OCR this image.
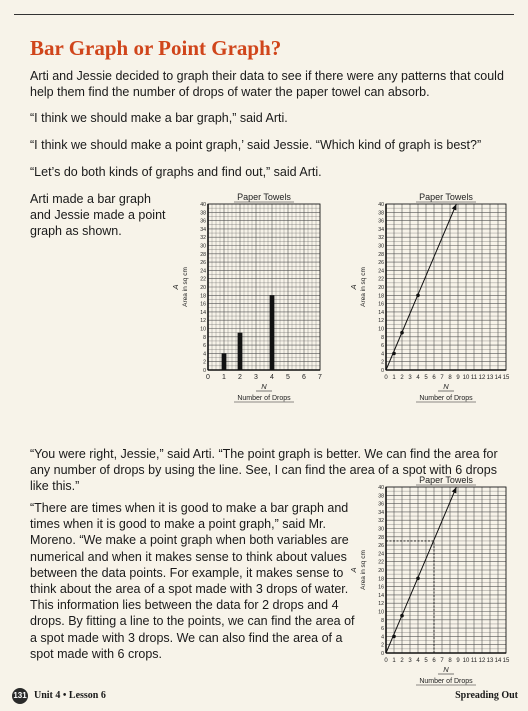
Bar Graph or Point Graph?

Arti and Jessie decided to graph their data to see if there were any patterns that could help them find the number of drops of water the paper towel can absorb.

“I think we should make a bar graph,” said Arti.

“I think we should make a point graph,’ said Jessie. “Which kind of graph is best?”

“Let’s do both kinds of graphs and find out,” said Arti.

Arti made a bar graph and Jessie made a point graph as shown.

Paper Towels
0
2
4
6
8
10
12
14
16
18
20
22
24
26
28
30
32
34
36
38
40
0 1 2 3 4 5 6 7
N
Number of Drops
A Area in sq cm
Paper Towels
0
2
4
6
8
10
12
14
16
18
20
22
24
26
28
30
32
34
36
38
40
0 1 2 3 4 5 6 7 8 9 10 11 12 13 14 15
N
Number of Drops
A Area in sq cm

“You were right, Jessie,” said Arti. “The point graph is better. We can find the area for any number of drops by using the line. See, I can find the area of a spot with 6 drops like this.”

“There are times when it is good to make a bar graph and times when it is good to make a point graph,” said Mr. Moreno. “We make a point graph when both variables are numerical and when it makes sense to think about values between the data points. For example, it makes sense to think about the area of a spot made with 3 drops of water. This information lies between the data for 2 drops and 4 drops. By fitting a line to the points, we can find the area of a spot made with 3 drops. We can also find the area of a spot made with 6 crops.

Paper Towels
0
2
4
6
8
10
12
14
16
18
20
22
24
26
28
30
32
34
36
38
40
0 1 2 3 4 5 6 7 8 9 10 11 12 13 14 15
N
Number of Drops
A Area in sq cm
131 Unit 4 • Lesson 6	Spreading Out
